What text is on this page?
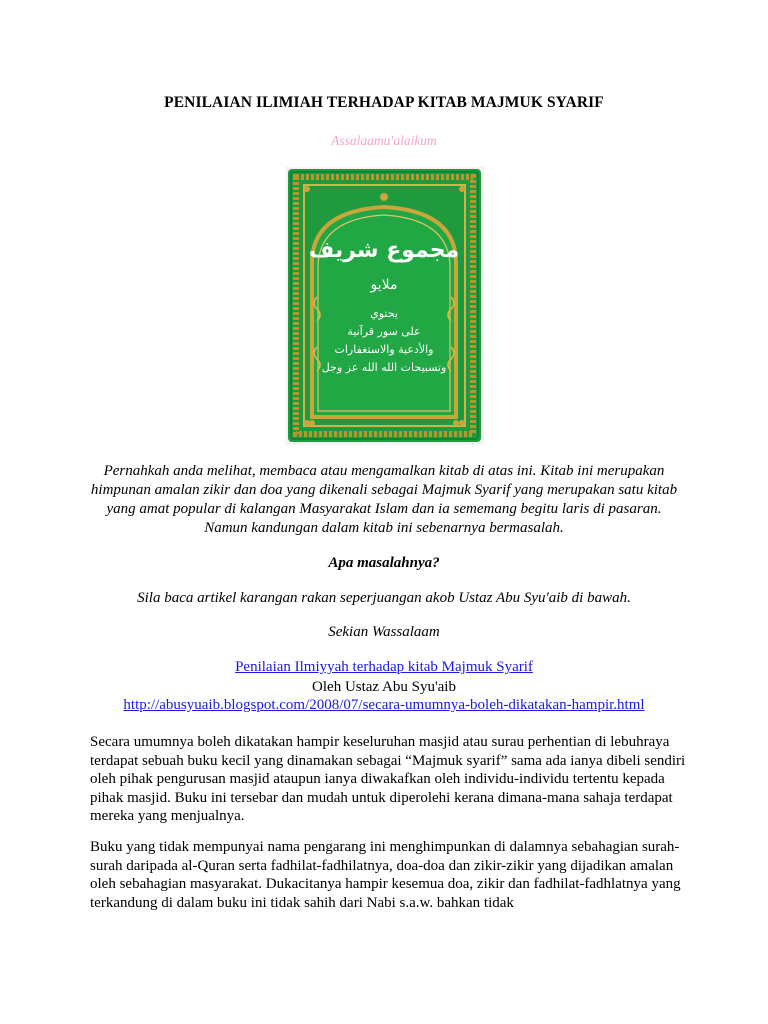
PENILAIAN ILIMIAH TERHADAP KITAB MAJMUK SYARIF
Assalaamu'alaikum
مجموع شريف
ملايو
يحتوي
على سور قرآنية
والأدعية والاستغفارات
وتسبيحات الله الله عز وجل
Pernahkah anda melihat, membaca atau mengamalkan kitab di atas ini. Kitab ini merupakan himpunan amalan zikir dan doa yang dikenali sebagai Majmuk Syarif yang merupakan satu kitab yang amat popular di kalangan Masyarakat Islam dan ia sememang begitu laris di pasaran. Namun kandungan dalam kitab ini sebenarnya bermasalah.
Apa masalahnya?
Sila baca artikel karangan rakan seperjuangan akob Ustaz Abu Syu'aib di bawah.
Sekian Wassalaam
Penilaian Ilmiyyah terhadap kitab Majmuk Syarif
Oleh Ustaz Abu Syu'aib
http://abusyuaib.blogspot.com/2008/07/secara-umumnya-boleh-dikatakan-hampir.html
Secara umumnya boleh dikatakan hampir keseluruhan masjid atau surau perhentian di lebuhraya terdapat sebuah buku kecil yang dinamakan sebagai “Majmuk syarif” sama ada ianya dibeli sendiri oleh pihak pengurusan masjid ataupun ianya diwakafkan oleh individu-individu tertentu kepada pihak masjid. Buku ini tersebar dan mudah untuk diperolehi kerana dimana-mana sahaja terdapat mereka yang menjualnya.
Buku yang tidak mempunyai nama pengarang ini menghimpunkan di dalamnya sebahagian surah-surah daripada al-Quran serta fadhilat-fadhilatnya, doa-doa dan zikir-zikir yang dijadikan amalan oleh sebahagian masyarakat. Dukacitanya hampir kesemua doa, zikir dan fadhilat-fadhlatnya yang terkandung di dalam buku ini tidak sahih dari Nabi s.a.w. bahkan tidak
